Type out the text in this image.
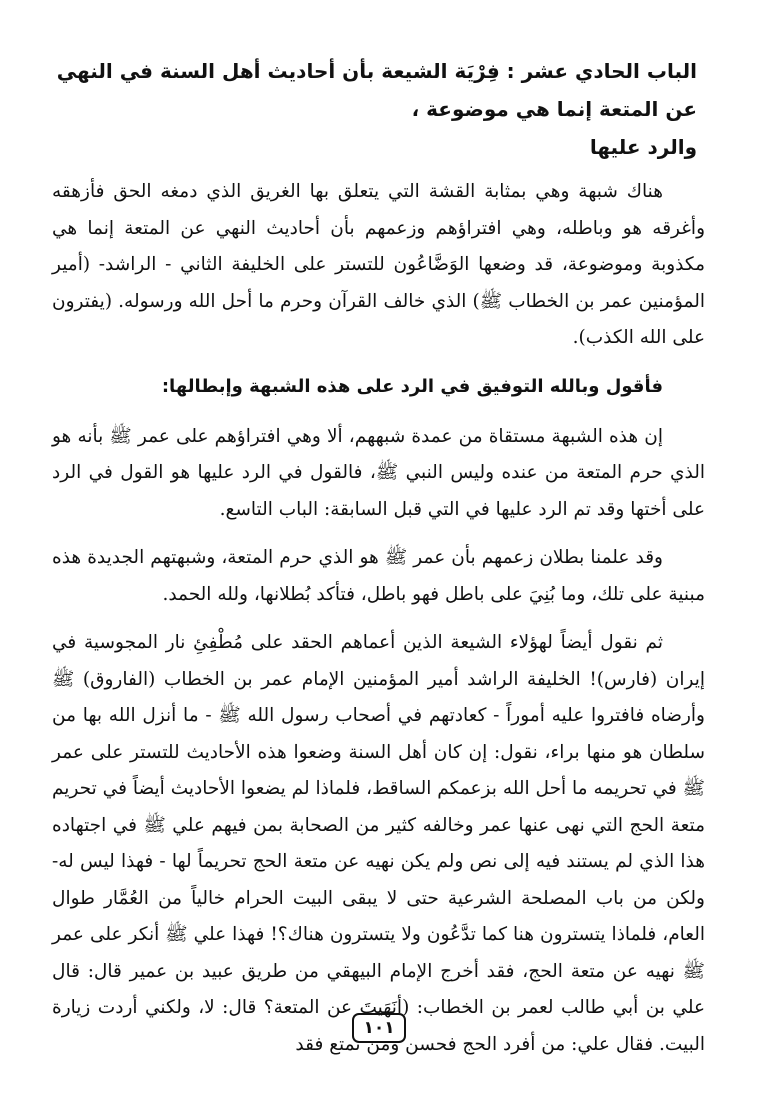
الباب الحادي عشر : فِرْيَة الشيعة بأن أحاديث أهل السنة في النهي عن المتعة إنما هي موضوعة ،
والرد عليها

هناك شبهة وهي بمثابة القشة التي يتعلق بها الغريق الذي دمغه الحق فأزهقه وأغرقه هو وباطله، وهي افتراؤهم وزعمهم بأن أحاديث النهي عن المتعة إنما هي مكذوبة وموضوعة، قد وضعها الوَضَّاعُون للتستر على الخليفة الثاني - الراشد- (أمير المؤمنين عمر بن الخطاب ﷺ) الذي خالف القرآن وحرم ما أحل الله ورسوله. (يفترون على الله الكذب).

فأقول وبالله التوفيق في الرد على هذه الشبهة وإبطالها:

إن هذه الشبهة مستقاة من عمدة شبههم، ألا وهي افتراؤهم على عمر ﷺ بأنه هو الذي حرم المتعة من عنده وليس النبي ﷺ، فالقول في الرد عليها هو القول في الرد على أختها وقد تم الرد عليها في التي قبل السابقة: الباب التاسع.

وقد علمنا بطلان زعمهم بأن عمر ﷺ هو الذي حرم المتعة، وشبهتهم الجديدة هذه مبنية على تلك، وما بُنِيَ على باطل فهو باطل، فتأكد بُطلانها، ولله الحمد.

ثم نقول أيضاً لهؤلاء الشيعة الذين أعماهم الحقد على مُطْفِئِ نار المجوسية في إيران (فارس)! الخليفة الراشد أمير المؤمنين الإمام عمر بن الخطاب (الفاروق) ﷺ وأرضاه فافتروا عليه أموراً - كعادتهم في أصحاب رسول الله ﷺ - ما أنزل الله بها من سلطان هو منها براء، نقول: إن كان أهل السنة وضعوا هذه الأحاديث للتستر على عمر ﷺ في تحريمه ما أحل الله بزعمكم الساقط، فلماذا لم يضعوا الأحاديث أيضاً في تحريم متعة الحج التي نهى عنها عمر وخالفه كثير من الصحابة بمن فيهم علي ﷺ في اجتهاده هذا الذي لم يستند فيه إلى نص ولم يكن نهيه عن متعة الحج تحريماً لها - فهذا ليس له- ولكن من باب المصلحة الشرعية حتى لا يبقى البيت الحرام خالياً من العُمَّار طوال العام، فلماذا يتسترون هنا كما تدَّعُون ولا يتسترون هناك؟! فهذا علي ﷺ أنكر على عمر ﷺ نهيه عن متعة الحج، فقد أخرج الإمام البيهقي من طريق عبيد بن عمير قال: قال علي بن أبي طالب لعمر بن الخطاب: (أنَهَيتَ عن المتعة؟ قال: لا، ولكني أردت زيارة البيت. فقال علي: من أفرد الحج فحسن ومن تمتع فقد

١٠١
